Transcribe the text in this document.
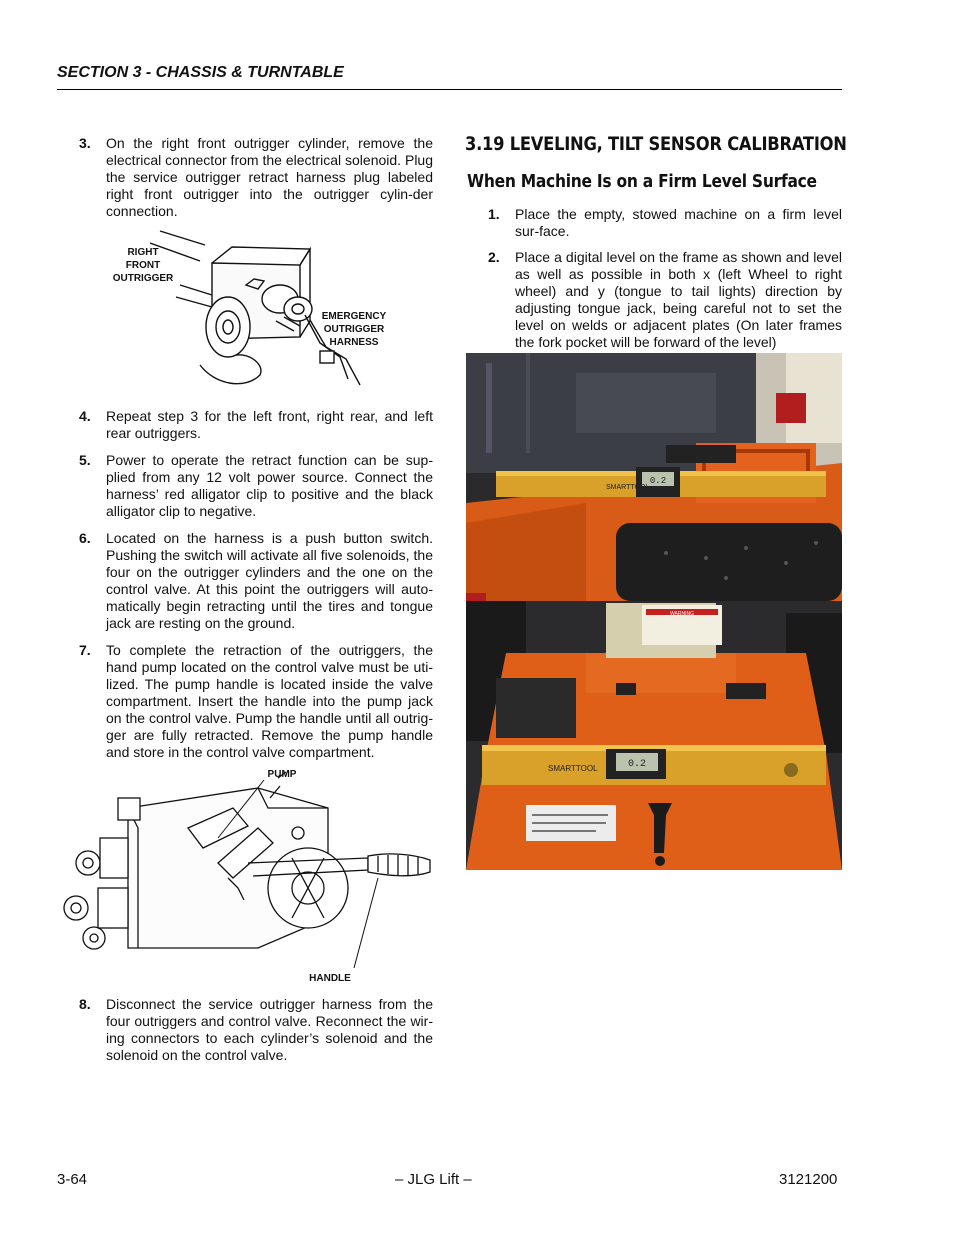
SECTION 3 - CHASSIS & TURNTABLE
3. On the right front outrigger cylinder, remove the electrical connector from the electrical solenoid. Plug the service outrigger retract harness plug labeled right front outrigger into the outrigger cylin-der connection.
RIGHT
FRONT
OUTRIGGER
EMERGENCY
OUTRIGGER
HARNESS
4. Repeat step 3 for the left front, right rear, and left rear outriggers.
5. Power to operate the retract function can be sup-plied from any 12 volt power source. Connect the harness’ red alligator clip to positive and the black alligator clip to negative.
6. Located on the harness is a push button switch. Pushing the switch will activate all five solenoids, the four on the outrigger cylinders and the one on the control valve. At this point the outriggers will auto-matically begin retracting until the tires and tongue jack are resting on the ground.
7. To complete the retraction of the outriggers, the hand pump located on the control valve must be uti-lized. The pump handle is located inside the valve compartment. Insert the handle into the pump jack on the control valve. Pump the handle until all outrig-ger are fully retracted. Remove the pump handle and store in the control valve compartment.
PUMP
HANDLE
8. Disconnect the service outrigger harness from the four outriggers and control valve. Reconnect the wir-ing connectors to each cylinder’s solenoid and the solenoid on the control valve.
3.19 LEVELING, TILT SENSOR CALIBRATION
When Machine Is on a Firm Level Surface
1. Place the empty, stowed machine on a firm level sur-face.
2. Place a digital level on the frame as shown and level as well as possible in both x (left Wheel to right wheel) and y (tongue to tail lights) direction by adjusting tongue jack, being careful not to set the level on welds or adjacent plates (On later frames the fork pocket will be forward of the level)
0.2
SMARTTOOL
WARNING
0.2
SMARTTOOL
3-64	– JLG Lift –	3121200
